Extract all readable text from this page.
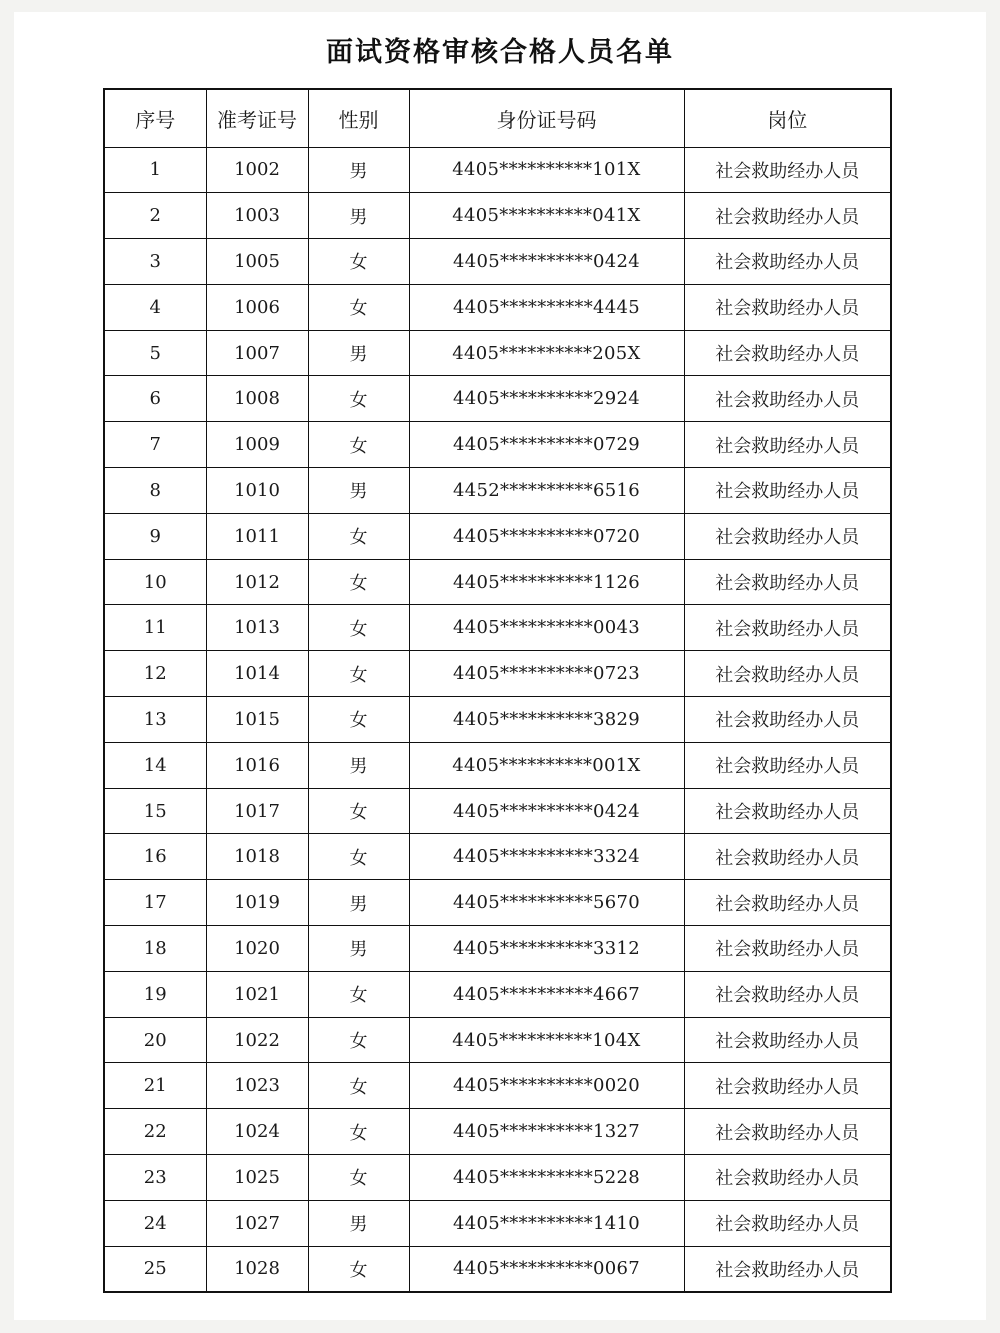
面试资格审核合格人员名单
序号	准考证号	性别	身份证号码	岗位
1	1002	男	4405**********101X	社会救助经办人员
2	1003	男	4405**********041X	社会救助经办人员
3	1005	女	4405**********0424	社会救助经办人员
4	1006	女	4405**********4445	社会救助经办人员
5	1007	男	4405**********205X	社会救助经办人员
6	1008	女	4405**********2924	社会救助经办人员
7	1009	女	4405**********0729	社会救助经办人员
8	1010	男	4452**********6516	社会救助经办人员
9	1011	女	4405**********0720	社会救助经办人员
10	1012	女	4405**********1126	社会救助经办人员
11	1013	女	4405**********0043	社会救助经办人员
12	1014	女	4405**********0723	社会救助经办人员
13	1015	女	4405**********3829	社会救助经办人员
14	1016	男	4405**********001X	社会救助经办人员
15	1017	女	4405**********0424	社会救助经办人员
16	1018	女	4405**********3324	社会救助经办人员
17	1019	男	4405**********5670	社会救助经办人员
18	1020	男	4405**********3312	社会救助经办人员
19	1021	女	4405**********4667	社会救助经办人员
20	1022	女	4405**********104X	社会救助经办人员
21	1023	女	4405**********0020	社会救助经办人员
22	1024	女	4405**********1327	社会救助经办人员
23	1025	女	4405**********5228	社会救助经办人员
24	1027	男	4405**********1410	社会救助经办人员
25	1028	女	4405**********0067	社会救助经办人员
